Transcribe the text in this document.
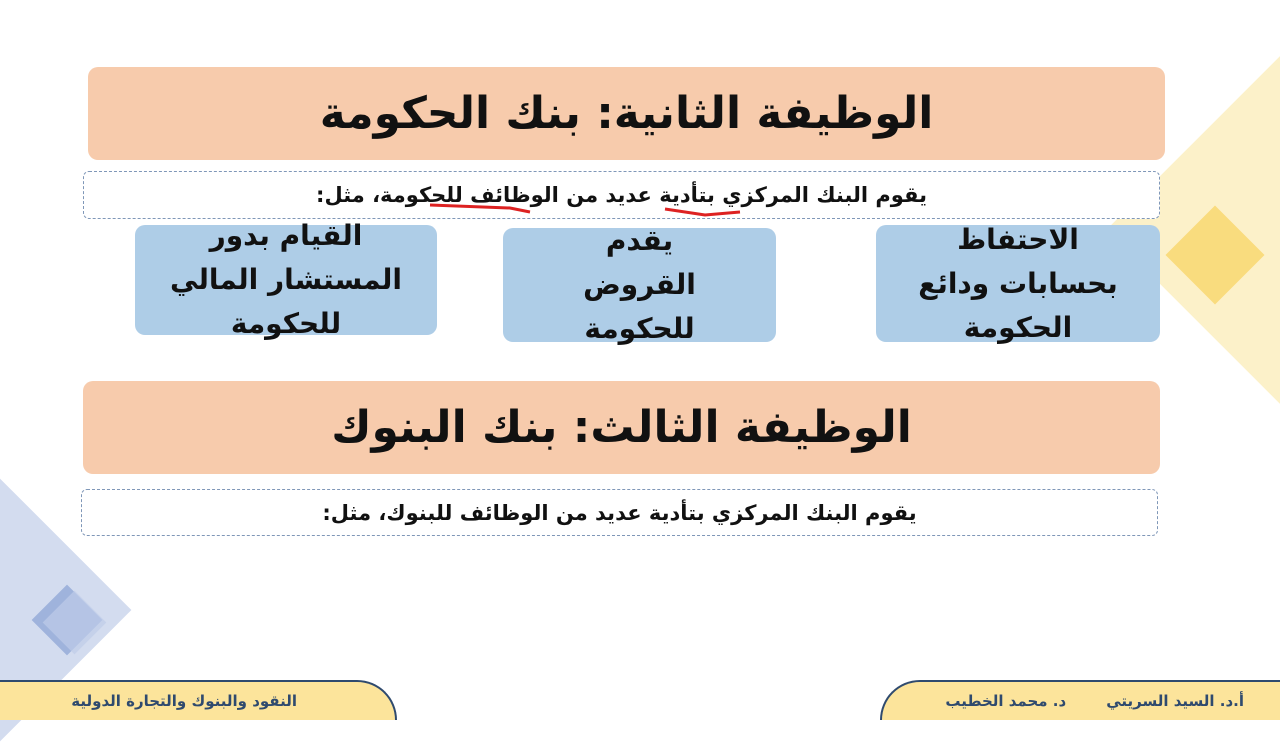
الوظيفة الثانية: بنك الحكومة
يقوم البنك المركزي بتأدية عديد من الوظائف للحكومة، مثل:
الاحتفاظ بحسابات ودائع الحكومة
يقدم القروض للحكومة
القيام بدور المستشار المالي للحكومة
الوظيفة الثالث: بنك البنوك
يقوم البنك المركزي بتأدية عديد من الوظائف للبنوك، مثل:
النقود والبنوك والتجارة الدولية	أ.د. السيد السريتي
د. محمد الخطيب
